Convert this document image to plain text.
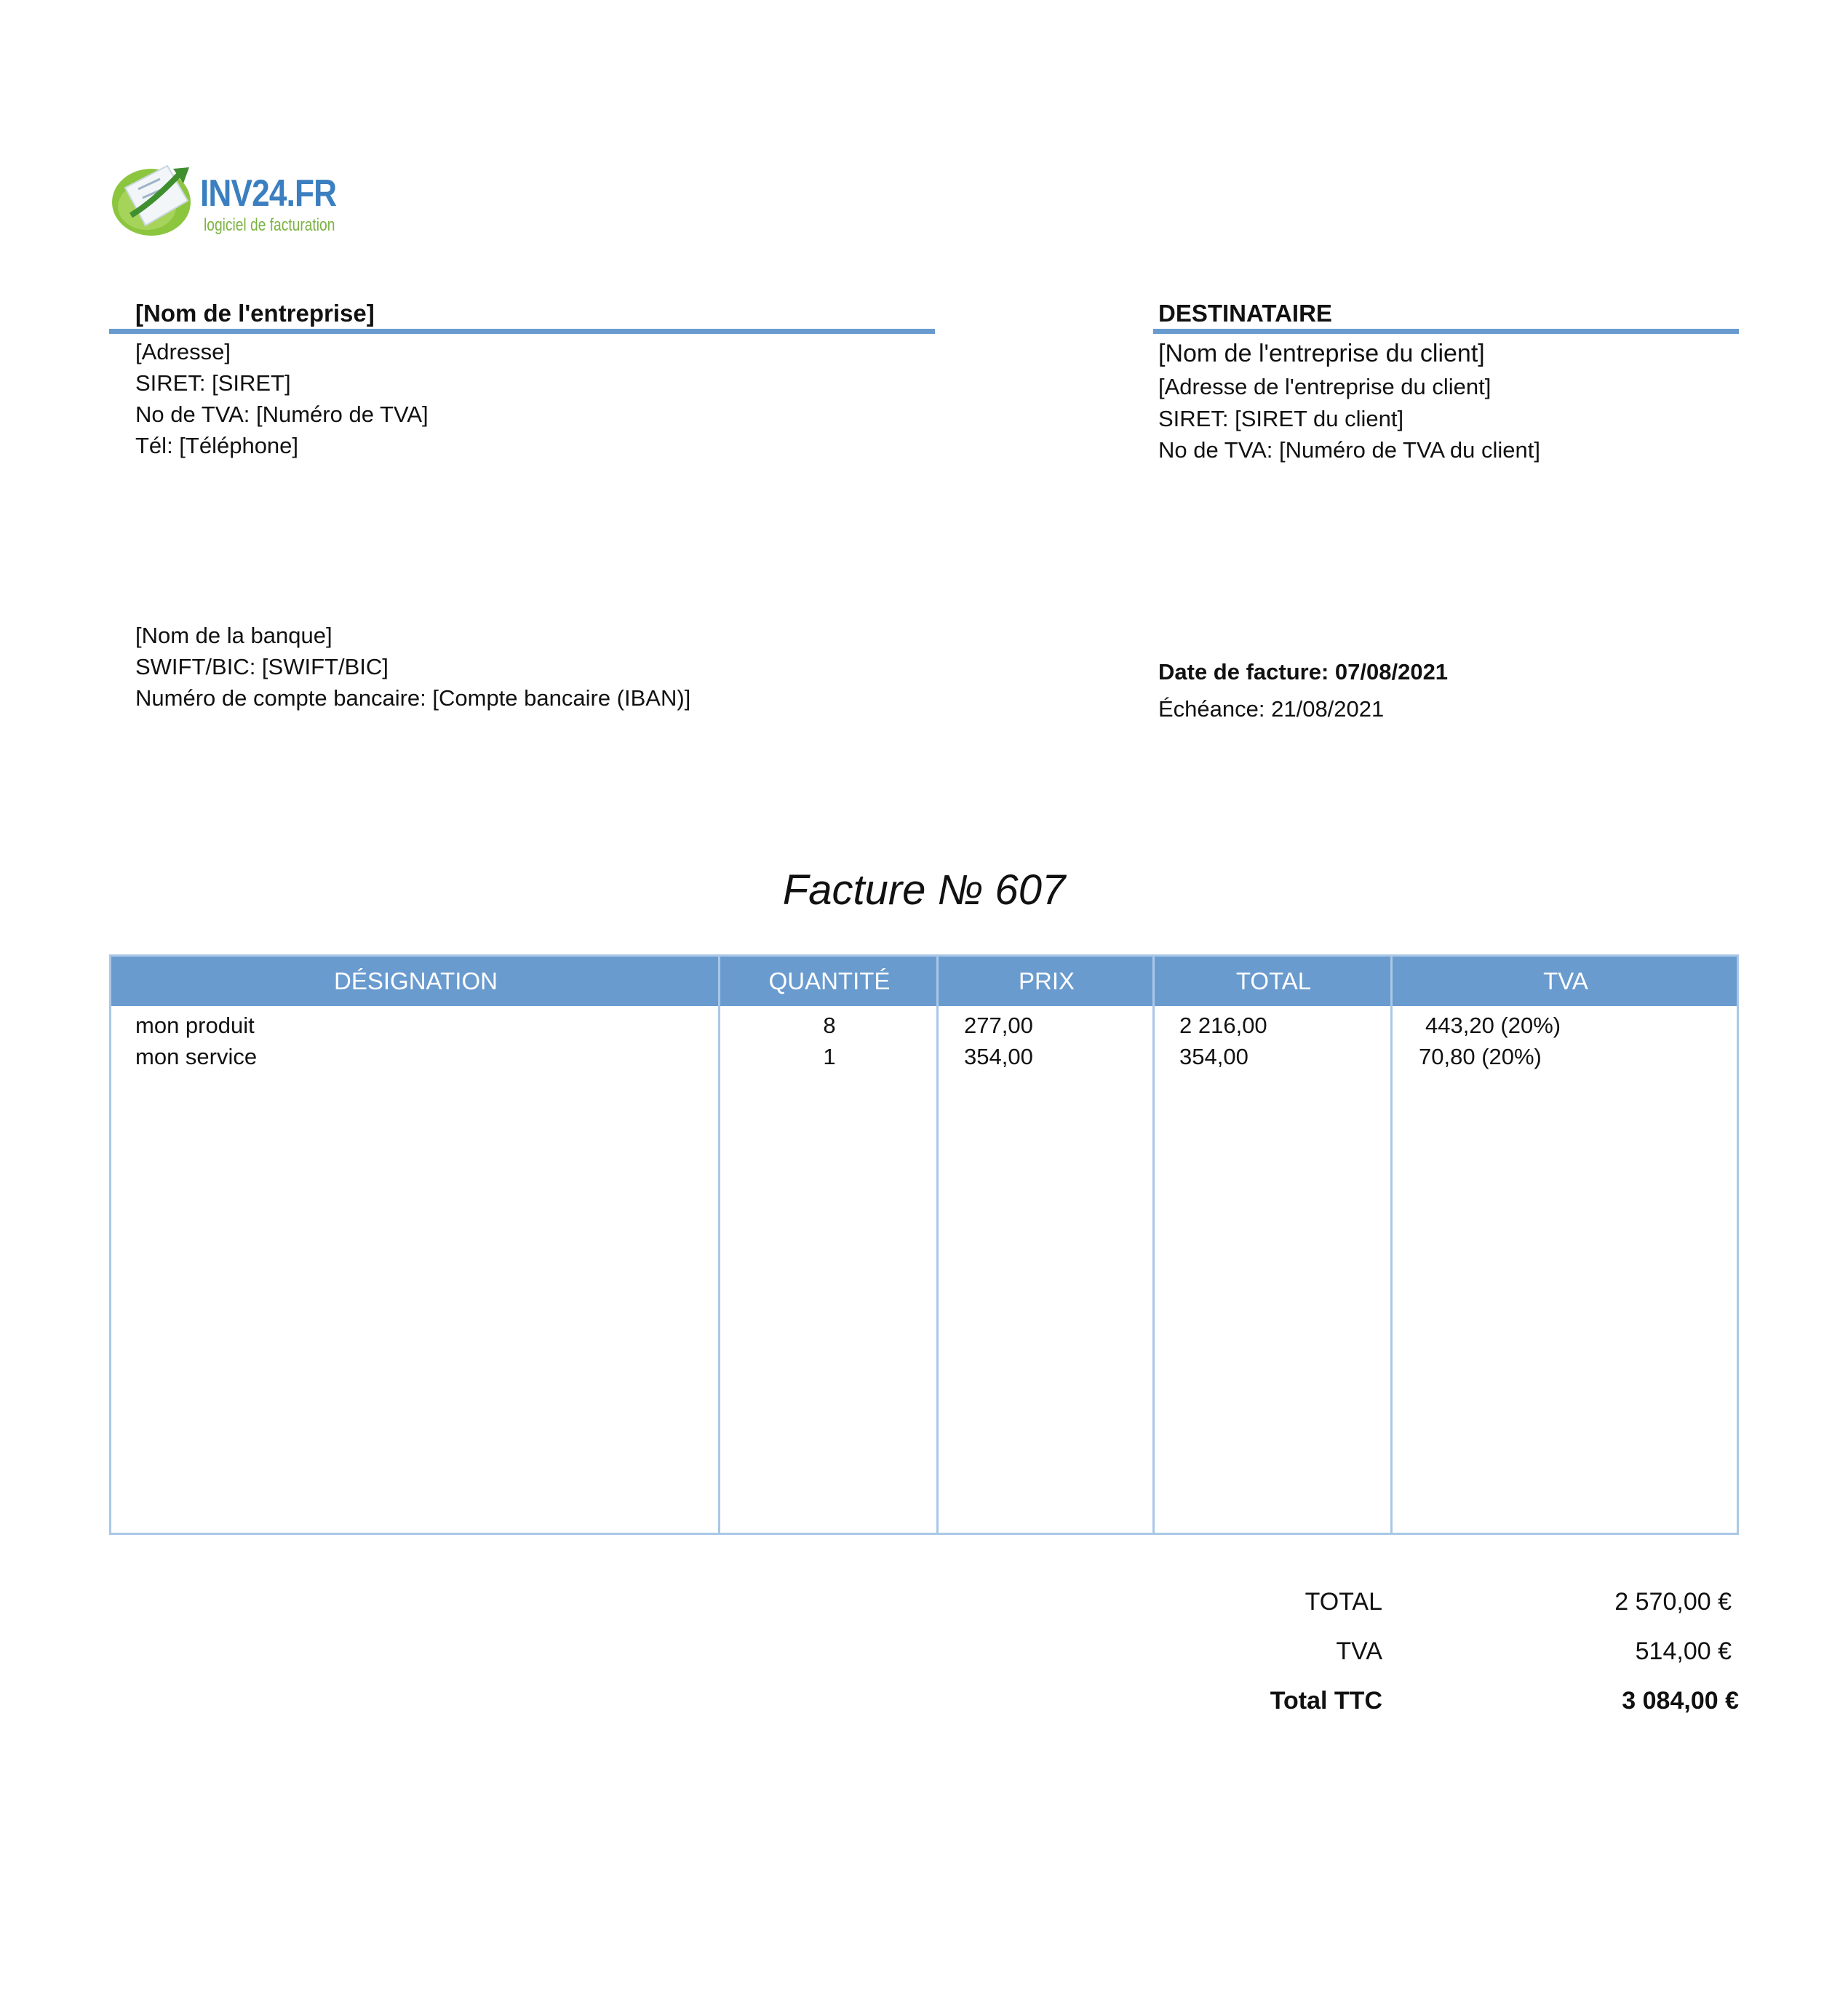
INV24.FR
logiciel de facturation
[Nom de l'entreprise]
[Adresse]
SIRET: [SIRET]
No de TVA: [Numéro de TVA]
Tél: [Téléphone]
DESTINATAIRE
[Nom de l'entreprise du client]
[Adresse de l'entreprise du client]
SIRET: [SIRET du client]
No de TVA: [Numéro de TVA du client]
[Nom de la banque]
SWIFT/BIC: [SWIFT/BIC]
Numéro de compte bancaire: [Compte bancaire (IBAN)]
Date de facture: 07/08/2021
Échéance: 21/08/2021
Facture № 607
DÉSIGNATION	QUANTITÉ	PRIX	TOTAL	TVA
mon produit	8	277,00	2 216,00	443,20 (20%)
mon service	1	354,00	354,00	70,80 (20%)
TOTAL	2 570,00 €
TVA	514,00 €
Total TTC	3 084,00 €
